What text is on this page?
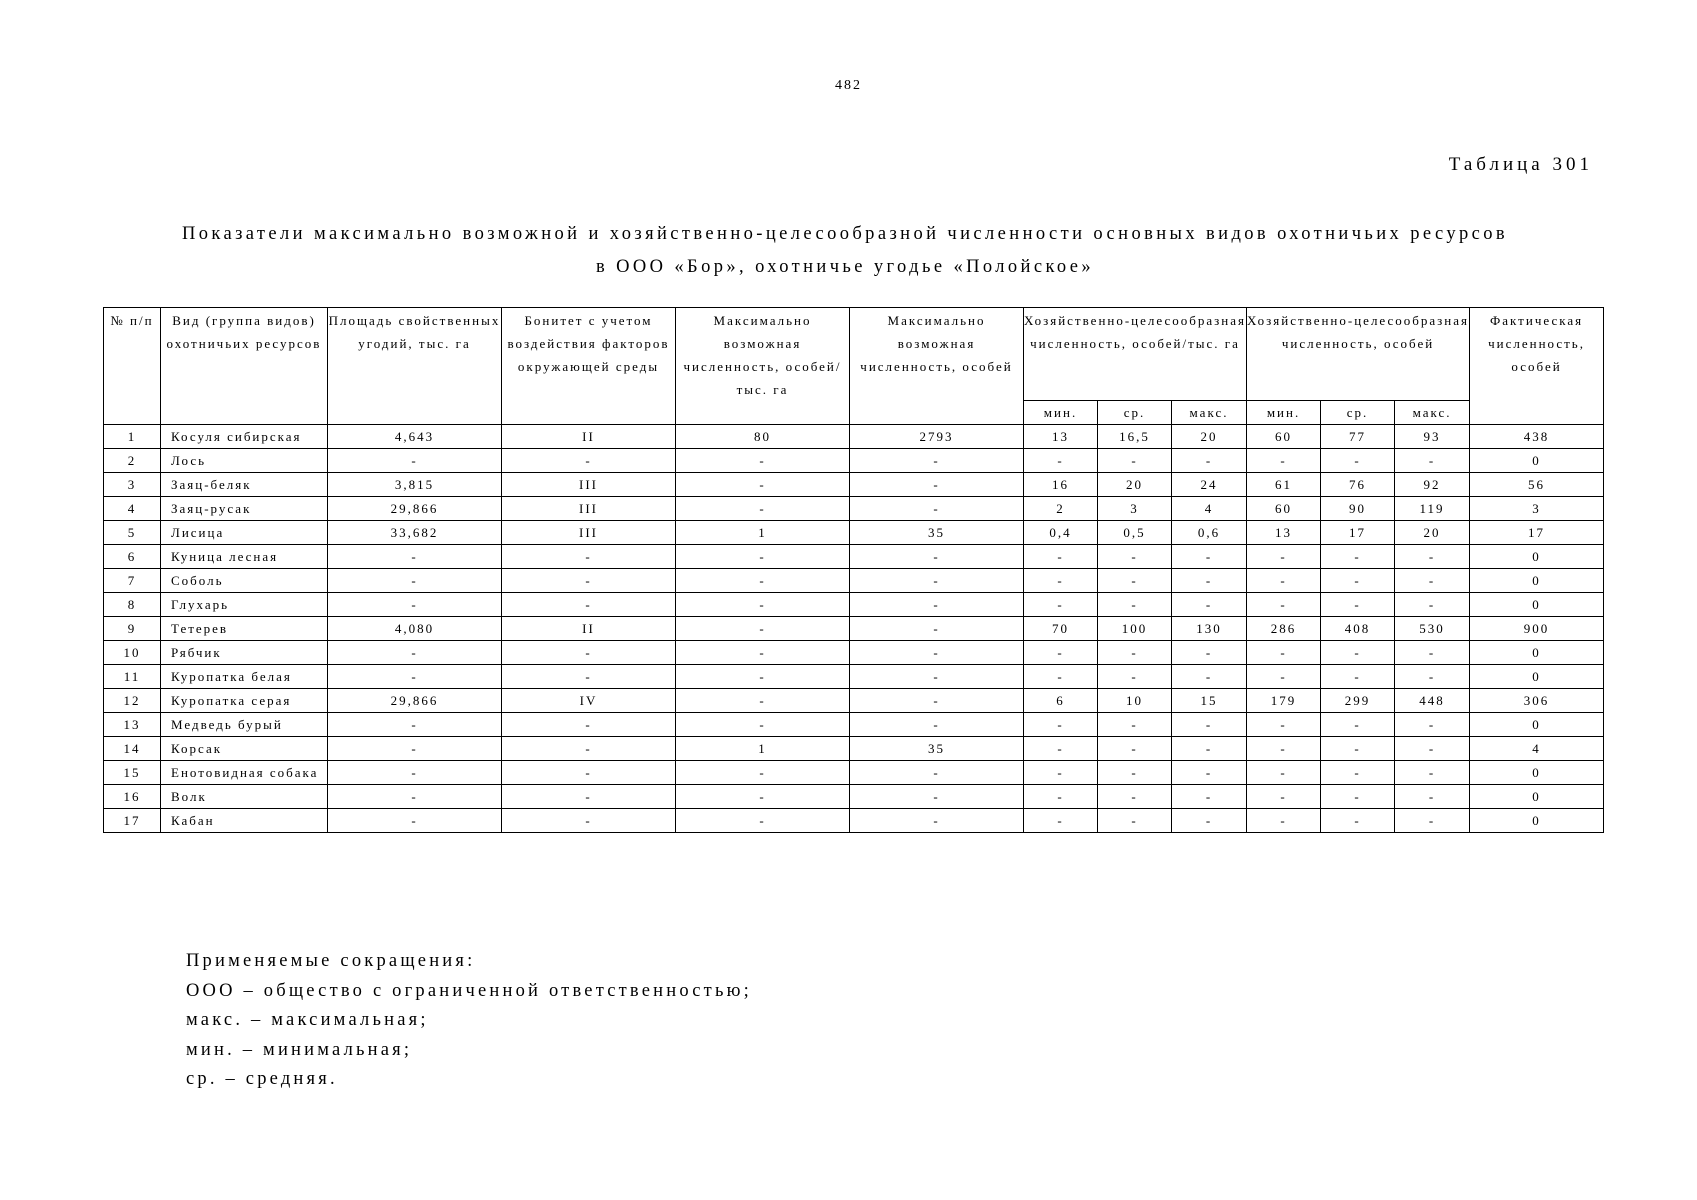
482
Таблица 301
Показатели максимально возможной и хозяйственно-целесообразной численности основных видов охотничьих ресурсов
в ООО «Бор», охотничье угодье «Полойское»
№ п/п	Вид (группа видов) охотничьих ресурсов	Площадь свойственных угодий, тыс. га	Бонитет с учетом воздействия факторов окружающей среды	Максимально возможная численность, особей/тыс. га	Максимально возможная численность, особей	Хозяйственно-целесообразная численность, особей/тыс. га			Хозяйственно-целесообразная численность, особей			Фактическая численность, особей
						мин.	ср.	макс.	мин.	ср.	макс.	
1	Косуля сибирская	4,643	II	80	2793	13	16,5	20	60	77	93	438
2	Лось	-	-	-	-	-	-	-	-	-	-	0
3	Заяц-беляк	3,815	III	-	-	16	20	24	61	76	92	56
4	Заяц-русак	29,866	III	-	-	2	3	4	60	90	119	3
5	Лисица	33,682	III	1	35	0,4	0,5	0,6	13	17	20	17
6	Куница лесная	-	-	-	-	-	-	-	-	-	-	0
7	Соболь	-	-	-	-	-	-	-	-	-	-	0
8	Глухарь	-	-	-	-	-	-	-	-	-	-	0
9	Тетерев	4,080	II	-	-	70	100	130	286	408	530	900
10	Рябчик	-	-	-	-	-	-	-	-	-	-	0
11	Куропатка белая	-	-	-	-	-	-	-	-	-	-	0
12	Куропатка серая	29,866	IV	-	-	6	10	15	179	299	448	306
13	Медведь бурый	-	-	-	-	-	-	-	-	-	-	0
14	Корсак	-	-	1	35	-	-	-	-	-	-	4
15	Енотовидная собака	-	-	-	-	-	-	-	-	-	-	0
16	Волк	-	-	-	-	-	-	-	-	-	-	0
17	Кабан	-	-	-	-	-	-	-	-	-	-	0
Применяемые сокращения:
ООО – общество с ограниченной ответственностью;
макс. – максимальная;
мин. – минимальная;
ср. – средняя.
